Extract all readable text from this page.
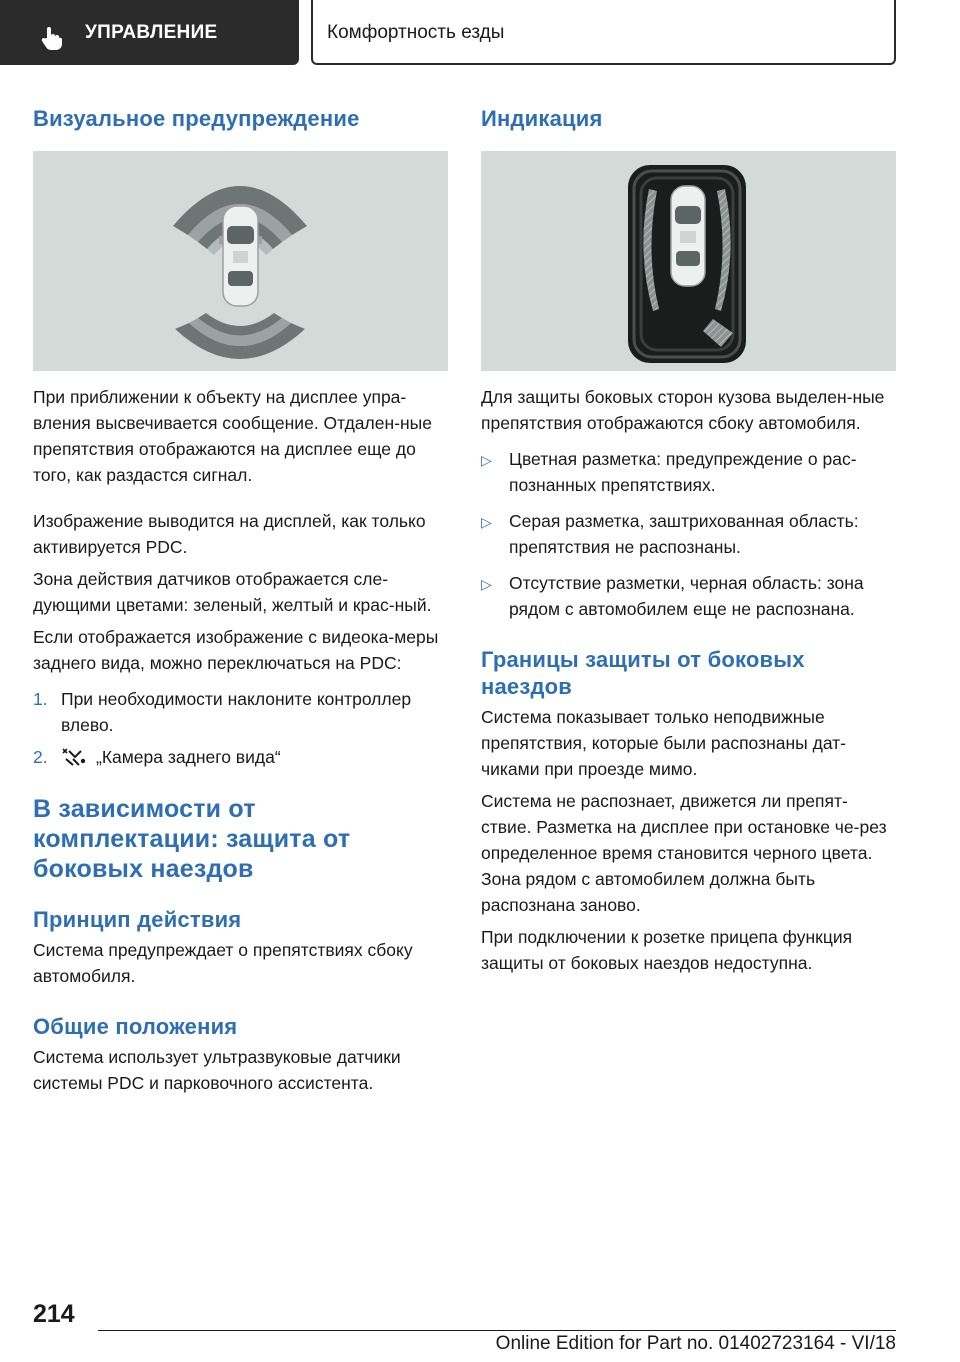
УПРАВЛЕНИЕ	Комфортность езды
Визуальное предупреждение

При приближении к объекту на дисплее упра-вления высвечивается сообщение. Отдален-ные препятствия отображаются на дисплее еще до того, как раздастся сигнал.

Изображение выводится на дисплей, как только активируется PDC.

Зона действия датчиков отображается сле-дующими цветами: зеленый, желтый и крас-ный.

Если отображается изображение с видеока-меры заднего вида, можно переключаться на PDC:

1. При необходимости наклоните контроллер влево.
2.	„Камера заднего вида“
В зависимости от комплектации: защита от боковых наездов
Принцип действия

Система предупреждает о препятствиях сбоку автомобиля.

Общие положения

Система использует ультразвуковые датчики системы PDC и парковочного ассистента.

Индикация

Для защиты боковых сторон кузова выделен-ные препятствия отображаются сбоку автомобиля.

▷ Цветная разметка: предупреждение о рас-познанных препятствиях.
▷ Серая разметка, заштрихованная область: препятствия не распознаны.
▷ Отсутствие разметки, черная область: зона рядом с автомобилем еще не распознана.
Границы защиты от боковых наездов

Система показывает только неподвижные препятствия, которые были распознаны дат-чиками при проезде мимо.

Система не распознает, движется ли препят-ствие. Разметка на дисплее при остановке че-рез определенное время становится черного цвета. Зона рядом с автомобилем должна быть распознана заново.

При подключении к розетке прицепа функция защиты от боковых наездов недоступна.

214
Online Edition for Part no. 01402723164 - VI/18
